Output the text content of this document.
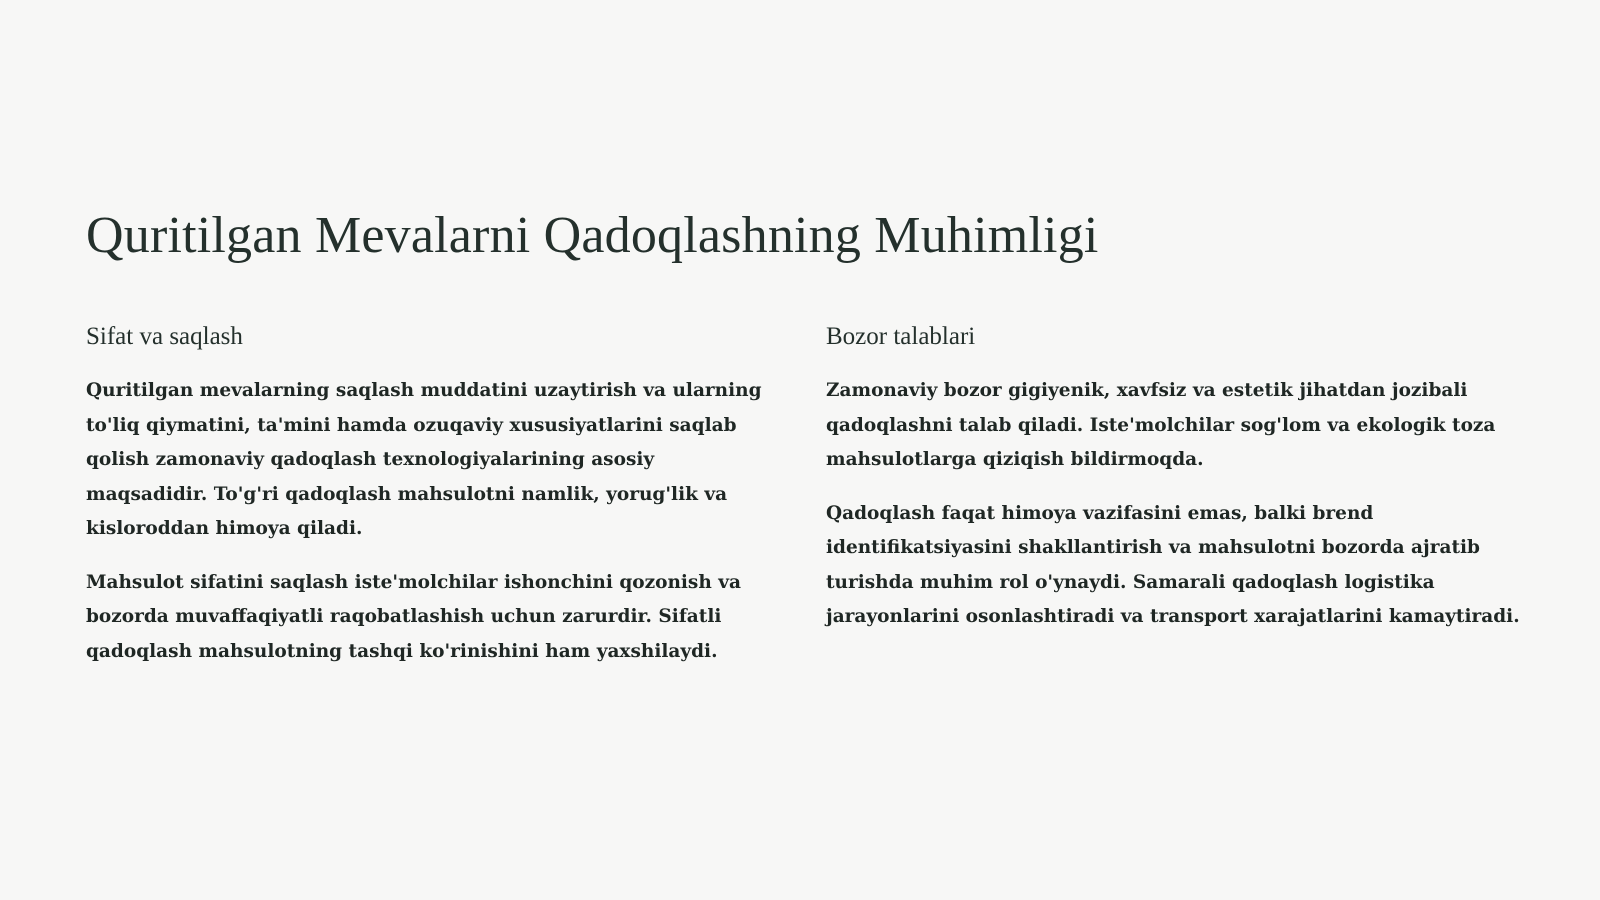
Quritilgan Mevalarni Qadoqlashning Muhimligi
Sifat va saqlash

Quritilgan mevalarning saqlash muddatini uzaytirish va ularning to'liq qiymatini, ta'mini hamda ozuqaviy xususiyatlarini saqlab qolish zamonaviy qadoqlash texnologiyalarining asosiy maqsadidir. To'g'ri qadoqlash mahsulotni namlik, yorug'lik va kisloroddan himoya qiladi.

Mahsulot sifatini saqlash iste'molchilar ishonchini qozonish va bozorda muvaffaqiyatli raqobatlashish uchun zarurdir. Sifatli qadoqlash mahsulotning tashqi ko'rinishini ham yaxshilaydi.

Bozor talablari

Zamonaviy bozor gigiyenik, xavfsiz va estetik jihatdan jozibali qadoqlashni talab qiladi. Iste'molchilar sog'lom va ekologik toza mahsulotlarga qiziqish bildirmoqda.

Qadoqlash faqat himoya vazifasini emas, balki brend identifikatsiyasini shakllantirish va mahsulotni bozorda ajratib turishda muhim rol o'ynaydi. Samarali qadoqlash logistika jarayonlarini osonlashtiradi va transport xarajatlarini kamaytiradi.
